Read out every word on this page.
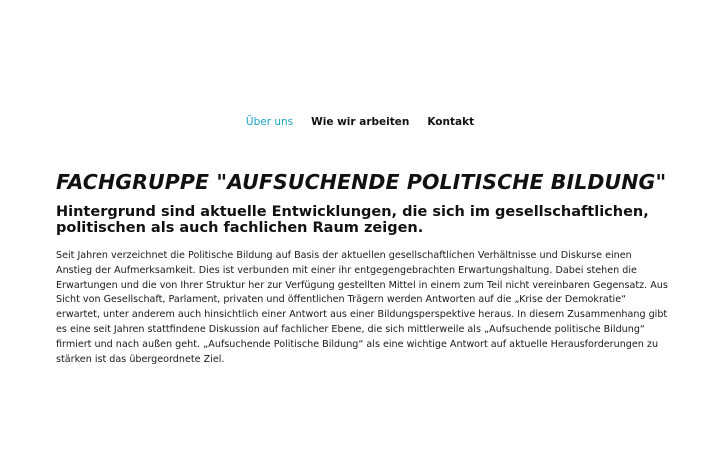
Über uns Wie wir arbeiten Kontakt
FACHGRUPPE "AUFSUCHENDE POLITISCHE BILDUNG"
Hintergrund sind aktuelle Entwicklungen, die sich im gesellschaftlichen, politischen als auch fachlichen Raum zeigen.

Seit Jahren verzeichnet die Politische Bildung auf Basis der aktuellen gesellschaftlichen Verhältnisse und Diskurse einen Anstieg der Aufmerksamkeit. Dies ist verbunden mit einer ihr entgegengebrachten Erwartungshaltung. Dabei stehen die Erwartungen und die von Ihrer Struktur her zur Verfügung gestellten Mittel in einem zum Teil nicht vereinbaren Gegensatz. Aus Sicht von Gesellschaft, Parlament, privaten und öffentlichen Trägern werden Antworten auf die „Krise der Demokratie“ erwartet, unter anderem auch hinsichtlich einer Antwort aus einer Bildungsperspektive heraus. In diesem Zusammenhang gibt es eine seit Jahren stattfindene Diskussion auf fachlicher Ebene, die sich mittlerweile als „Aufsuchende politische Bildung“ firmiert und nach außen geht. „Aufsuchende Politische Bildung“ als eine wichtige Antwort auf aktuelle Herausforderungen zu stärken ist das übergeordnete Ziel.
